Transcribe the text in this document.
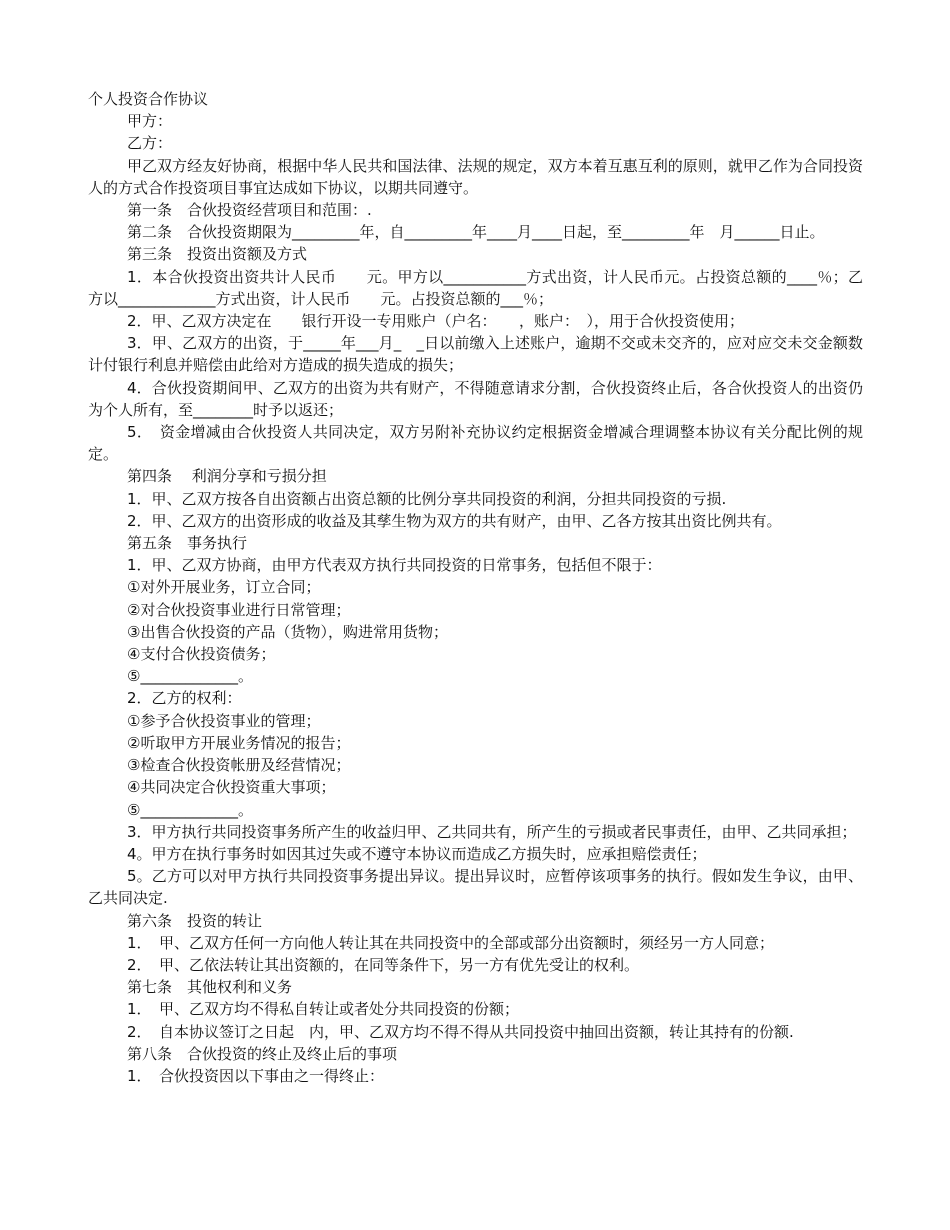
个人投资合作协议

甲方：

乙方：

甲乙双方经友好协商，根据中华人民共和国法律、法规的规定，双方本着互惠互利的原则，就甲乙作为合同投资人的方式合作投资项目事宜达成如下协议，以期共同遵守。

第一条　合伙投资经营项目和范围：.

第二条　合伙投资期限为_________年，自_________年____月____日起，至_________年　月______日止。

第三条　投资出资额及方式

1．本合伙投资出资共计人民币　　元。甲方以___________方式出资，计人民币元。占投资总额的____％；乙方以_____________方式出资，计人民币　　元。占投资总额的___％；

2．甲、乙双方决定在　　银行开设一专用账户（户名：　　，账户：　），用于合伙投资使用；

3．甲、乙双方的出资，于_____年___月_　_日以前缴入上述账户，逾期不交或未交齐的，应对应交未交金额数计付银行利息并赔偿由此给对方造成的损失造成的损失；

4．合伙投资期间甲、乙双方的出资为共有财产，不得随意请求分割，合伙投资终止后，各合伙投资人的出资仍为个人所有，至________时予以返还；

5．　资金增减由合伙投资人共同决定，双方另附补充协议约定根据资金增减合理调整本协议有关分配比例的规定。

第四条　 利润分享和亏损分担

1．甲、乙双方按各自出资额占出资总额的比例分享共同投资的利润，分担共同投资的亏损.

2．甲、乙双方的出资形成的收益及其孳生物为双方的共有财产，由甲、乙各方按其出资比例共有。

第五条　事务执行

1．甲、乙双方协商，由甲方代表双方执行共同投资的日常事务，包括但不限于：

①对外开展业务，订立合同；

②对合伙投资事业进行日常管理；

③出售合伙投资的产品（货物），购进常用货物；

④支付合伙投资债务；

⑤_____________。

2．乙方的权利：

①参予合伙投资事业的管理；

②听取甲方开展业务情况的报告；

③检查合伙投资帐册及经营情况；

④共同决定合伙投资重大事项；

⑤_____________。

3．甲方执行共同投资事务所产生的收益归甲、乙共同共有，所产生的亏损或者民事责任，由甲、乙共同承担；

4。甲方在执行事务时如因其过失或不遵守本协议而造成乙方损失时，应承担赔偿责任；

5。乙方可以对甲方执行共同投资事务提出异议。提出异议时，应暂停该项事务的执行。假如发生争议，由甲、乙共同决定.

第六条　投资的转让

1．　甲、乙双方任何一方向他人转让其在共同投资中的全部或部分出资额时，须经另一方人同意；

2．　甲、乙依法转让其出资额的，在同等条件下，另一方有优先受让的权利。

第七条　其他权利和义务

1．　甲、乙双方均不得私自转让或者处分共同投资的份额；

2．　自本协议签订之日起　内，甲、乙双方均不得不得从共同投资中抽回出资额，转让其持有的份额.

第八条　合伙投资的终止及终止后的事项

1．　合伙投资因以下事由之一得终止：
